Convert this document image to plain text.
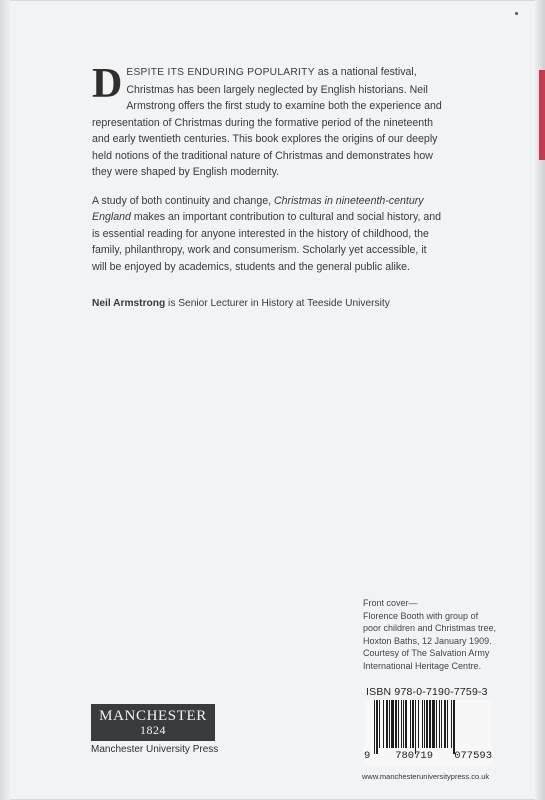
DESPITE ITS ENDURING POPULARITY as a national festival, Christmas has been largely neglected by English historians. Neil Armstrong offers the first study to examine both the experience and representation of Christmas during the formative period of the nineteenth and early twentieth centuries. This book explores the origins of our deeply held notions of the traditional nature of Christmas and demonstrates how they were shaped by English modernity.

A study of both continuity and change, Christmas in nineteenth-century England makes an important contribution to cultural and social history, and is essential reading for anyone interested in the history of childhood, the family, philanthropy, work and consumerism. Scholarly yet accessible, it will be enjoyed by academics, students and the general public alike.

Neil Armstrong is Senior Lecturer in History at Teeside University
Front cover—
Florence Booth with group of
poor children and Christmas tree,
Hoxton Baths, 12 January 1909.
Courtesy of The Salvation Army
International Heritage Centre.
ISBN 978-0-7190-7759-3
9	780719 077593
MANCHESTER
1824
Manchester University Press
www.manchesteruniversitypress.co.uk
